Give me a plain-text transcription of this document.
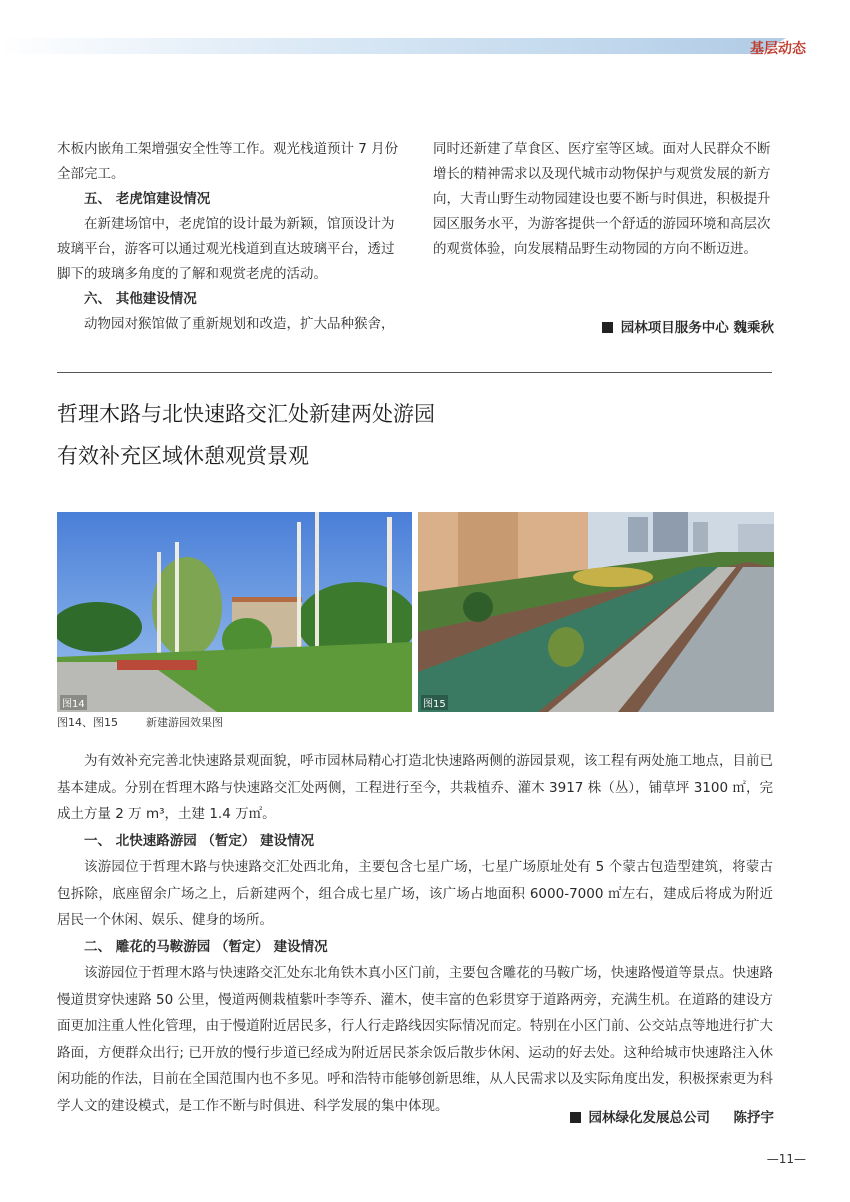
基层动态

木板内嵌角工架增强安全性等工作。观光栈道预计 7 月份全部完工。

五、 老虎馆建设情况

在新建场馆中，老虎馆的设计最为新颖，馆顶设计为玻璃平台，游客可以通过观光栈道到直达玻璃平台，透过脚下的玻璃多角度的了解和观赏老虎的活动。

六、 其他建设情况

动物园对猴馆做了重新规划和改造，扩大品种猴舍，

同时还新建了草食区、医疗室等区域。面对人民群众不断增长的精神需求以及现代城市动物保护与观赏发展的新方向，大青山野生动物园建设也要不断与时俱进，积极提升园区服务水平，为游客提供一个舒适的游园环境和高层次的观赏体验，向发展精品野生动物园的方向不断迈进。

园林项目服务中心 魏乘秋
哲理木路与北快速路交汇处新建两处游园
有效补充区域休憩观赏景观
图14	图15
图14、图15	新建游园效果图

为有效补充完善北快速路景观面貌，呼市园林局精心打造北快速路两侧的游园景观，该工程有两处施工地点，目前已基本建成。分别在哲理木路与快速路交汇处两侧，工程进行至今，共栽植乔、灌木 3917 株（丛），铺草坪 3100 ㎡，完成土方量 2 万 m³，土建 1.4 万㎡。

一、 北快速路游园 （暂定） 建设情况

该游园位于哲理木路与快速路交汇处西北角，主要包含七星广场，七星广场原址处有 5 个蒙古包造型建筑，将蒙古包拆除，底座留余广场之上，后新建两个，组合成七星广场，该广场占地面积 6000-7000 ㎡左右，建成后将成为附近居民一个休闲、娱乐、健身的场所。

二、 雕花的马鞍游园 （暂定） 建设情况

该游园位于哲理木路与快速路交汇处东北角铁木真小区门前，主要包含雕花的马鞍广场，快速路慢道等景点。快速路慢道贯穿快速路 50 公里，慢道两侧栽植紫叶李等乔、灌木，使丰富的色彩贯穿于道路两旁，充满生机。在道路的建设方面更加注重人性化管理，由于慢道附近居民多，行人行走路线因实际情况而定。特别在小区门前、公交站点等地进行扩大路面，方便群众出行; 已开放的慢行步道已经成为附近居民茶余饭后散步休闲、运动的好去处。这种给城市快速路注入休闲功能的作法，目前在全国范围内也不多见。呼和浩特市能够创新思维，从人民需求以及实际角度出发，积极探索更为科学人文的建设模式，是工作不断与时俱进、科学发展的集中体现。

园林绿化发展总公司     陈抒宇
—11—
